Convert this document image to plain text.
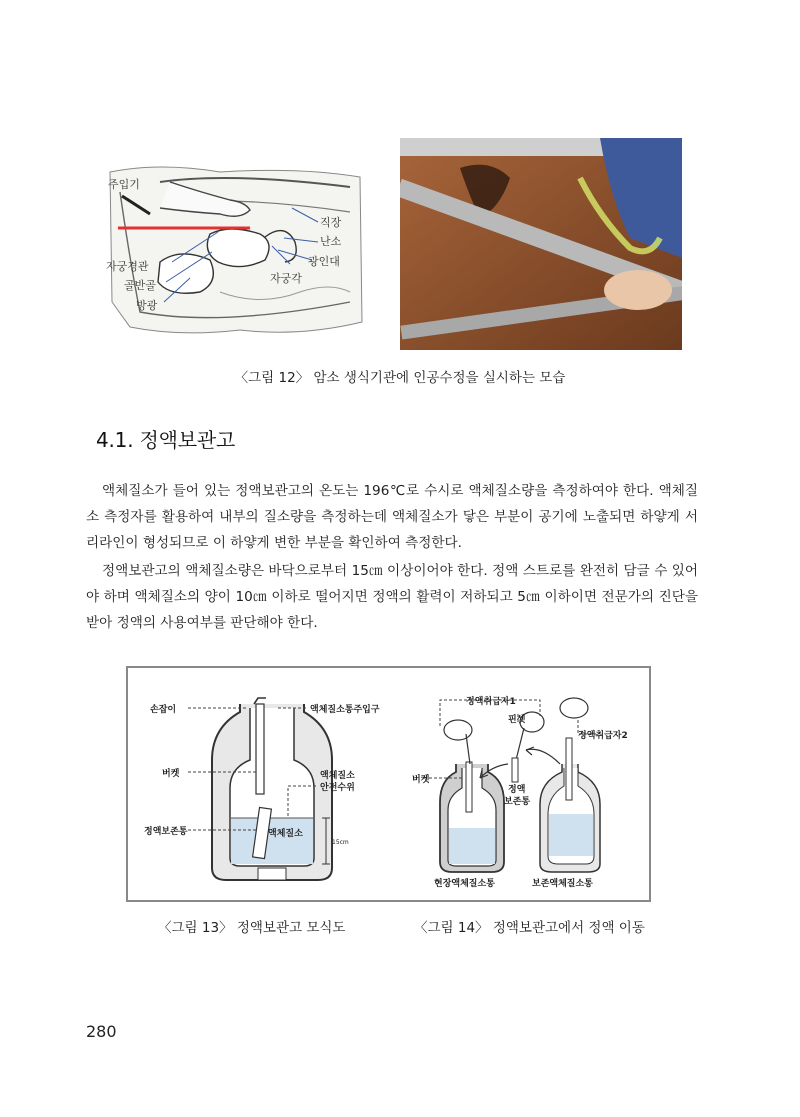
주입기
직장
난소
광인대
자궁각
자궁경관
골반골
방광
〈그림 12〉 암소 생식기관에 인공수정을 실시하는 모습
4.1. 정액보관고
액체질소가 들어 있는 정액보관고의 온도는 196℃로 수시로 액체질소량을 측정하여야 한다. 액체질소 측정자를 활용하여 내부의 질소량을 측정하는데 액체질소가 닿은 부분이 공기에 노출되면 하얗게 서리라인이 형성되므로 이 하얗게 변한 부분을 확인하여 측정한다.
정액보관고의 액체질소량은 바닥으로부터 15㎝ 이상이어야 한다. 정액 스트로를 완전히 담글 수 있어야 하며 액체질소의 양이 10㎝ 이하로 떨어지면 정액의 활력이 저하되고 5㎝ 이하이면 전문가의 진단을 받아 정액의 사용여부를 판단해야 한다.
손잡이	액체질소통주입구
버켓	액체질소
안전수위
정액보존통	액체질소
15cm
정액취급자1
핀셋
정액취급자2
버켓
정액
보존통
현장액체질소통	보존액체질소통
〈그림 13〉 정액보관고 모식도	〈그림 14〉 정액보관고에서 정액 이동
280
